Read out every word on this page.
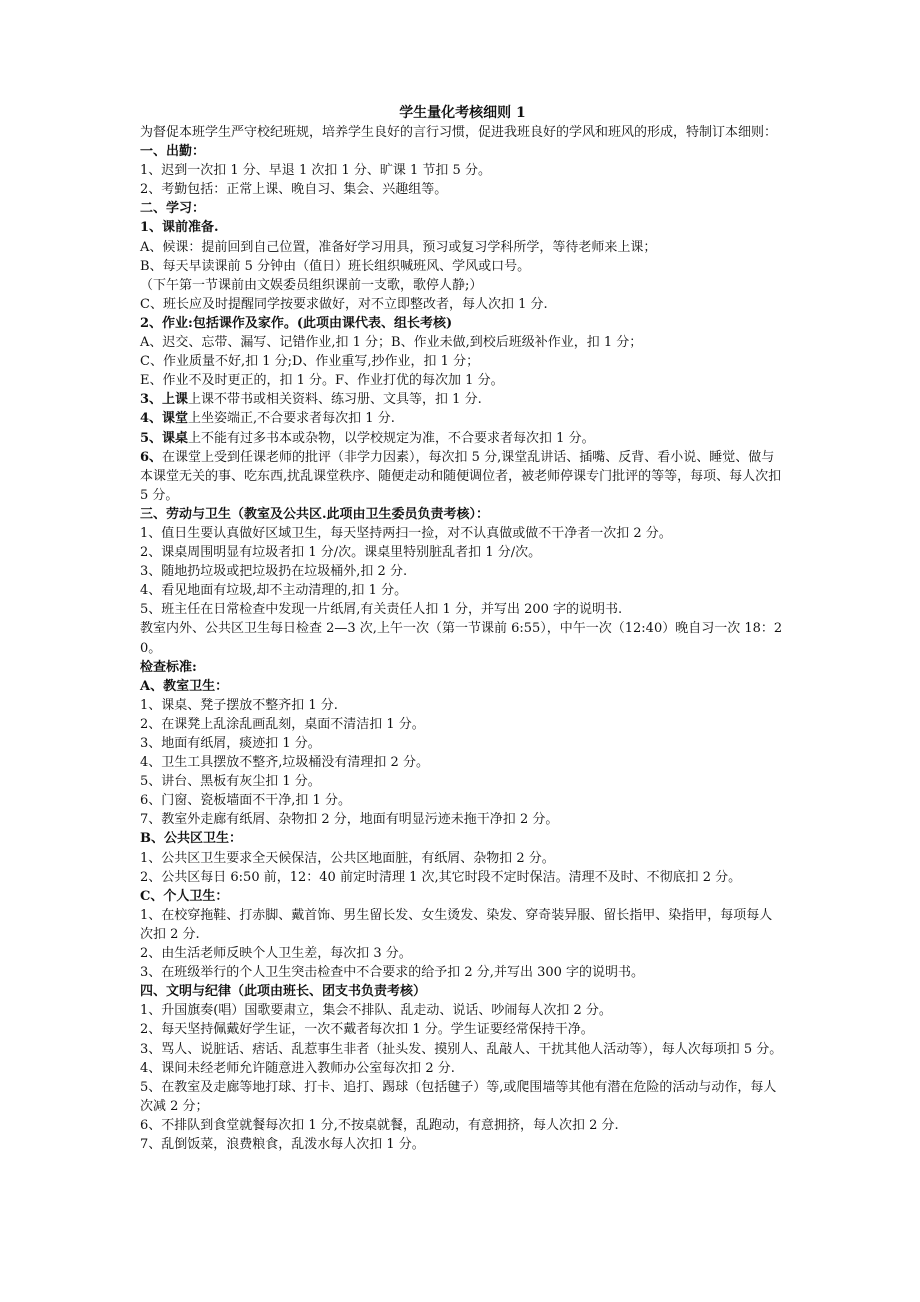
学生量化考核细则 1
为督促本班学生严守校纪班规，培养学生良好的言行习惯，促进我班良好的学风和班风的形成，特制订本细则：
一、出勤：
1、迟到一次扣 1 分、早退 1 次扣 1 分、旷课 1 节扣 5 分。
2、考勤包括：正常上课、晚自习、集会、兴趣组等。
二、学习：
1、课前准备.
A、候课：提前回到自己位置，准备好学习用具，预习或复习学科所学，等待老师来上课；
B、每天早读课前 5 分钟由（值日）班长组织喊班风、学风或口号。
（下午第一节课前由文娱委员组织课前一支歌，歌停人静;）
C、班长应及时提醒同学按要求做好，对不立即整改者，每人次扣 1 分.
2、作业:包括课作及家作。(此项由课代表、组长考核)
A、迟交、忘带、漏写、记错作业,扣 1 分；B、作业未做,到校后班级补作业，扣 1 分；
C、作业质量不好,扣 1 分;D、作业重写,抄作业，扣 1 分；
E、作业不及时更正的，扣 1 分。F、作业打优的每次加 1 分。
3、上课上课不带书或相关资料、练习册、文具等，扣 1 分.
4、课堂上坐姿端正,不合要求者每次扣 1 分.
5、课桌上不能有过多书本或杂物，以学校规定为准，不合要求者每次扣 1 分。
6、在课堂上受到任课老师的批评（非学力因素），每次扣 5 分,课堂乱讲话、插嘴、反背、看小说、睡觉、做与本课堂无关的事、吃东西,扰乱课堂秩序、随便走动和随便调位者，被老师停课专门批评的等等，每项、每人次扣 5 分。
三、劳动与卫生（教室及公共区.此项由卫生委员负责考核）：
1、值日生要认真做好区域卫生，每天坚持两扫一捡，对不认真做或做不干净者一次扣 2 分。
2、课桌周围明显有垃圾者扣 1 分/次。课桌里特别脏乱者扣 1 分/次。
3、随地扔垃圾或把垃圾扔在垃圾桶外,扣 2 分.
4、看见地面有垃圾,却不主动清理的,扣 1 分。
5、班主任在日常检查中发现一片纸屑,有关责任人扣 1 分，并写出 200 字的说明书.
教室内外、公共区卫生每日检查 2—3 次,上午一次（第一节课前 6:55），中午一次（12:40）晚自习一次 18：20。
检查标准:
A、教室卫生：
1、课桌、凳子摆放不整齐扣 1 分.
2、在课凳上乱涂乱画乱刻，桌面不清洁扣 1 分。
3、地面有纸屑，痰迹扣 1 分。
4、卫生工具摆放不整齐,垃圾桶没有清理扣 2 分。
5、讲台、黑板有灰尘扣 1 分。
6、门窗、瓷板墙面不干净,扣 1 分。
7、教室外走廊有纸屑、杂物扣 2 分，地面有明显污迹未拖干净扣 2 分。
B、公共区卫生：
1、公共区卫生要求全天候保洁，公共区地面脏，有纸屑、杂物扣 2 分。
2、公共区每日 6:50 前，12：40 前定时清理 1 次,其它时段不定时保洁。清理不及时、不彻底扣 2 分。
C、个人卫生：
1、在校穿拖鞋、打赤脚、戴首饰、男生留长发、女生烫发、染发、穿奇装异服、留长指甲、染指甲，每项每人次扣 2 分.
2、由生活老师反映个人卫生差，每次扣 3 分。
3、在班级举行的个人卫生突击检查中不合要求的给予扣 2 分,并写出 300 字的说明书。
四、文明与纪律（此项由班长、团支书负责考核）
1、升国旗奏(唱）国歌要肃立，集会不排队、乱走动、说话、吵闹每人次扣 2 分。
2、每天坚持佩戴好学生证，一次不戴者每次扣 1 分。学生证要经常保持干净。
3、骂人、说脏话、痞话、乱惹事生非者（扯头发、摸别人、乱敲人、干扰其他人活动等），每人次每项扣 5 分。
4、课间未经老师允许随意进入教师办公室每次扣 2 分.
5、在教室及走廊等地打球、打卡、追打、踢球（包括毽子）等,或爬围墙等其他有潜在危险的活动与动作，每人次减 2 分；
6、不排队到食堂就餐每次扣 1 分,不按桌就餐，乱跑动，有意拥挤，每人次扣 2 分.
7、乱倒饭菜，浪费粮食，乱泼水每人次扣 1 分。
